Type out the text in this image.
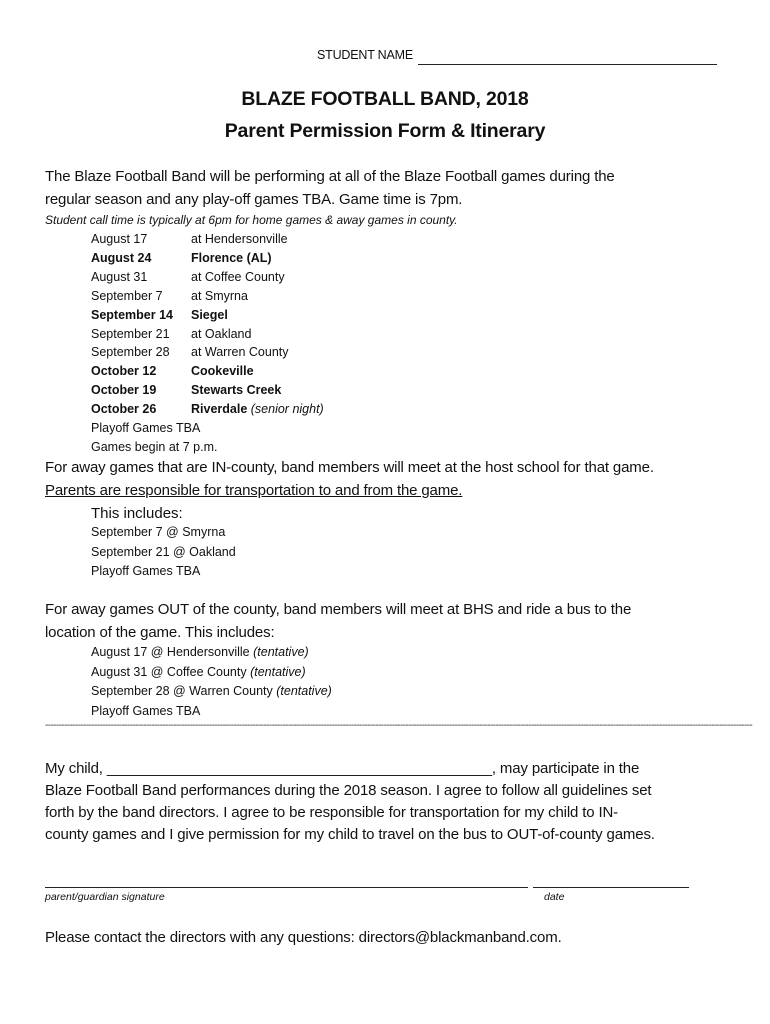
STUDENT NAME
BLAZE FOOTBALL BAND, 2018
Parent Permission Form & Itinerary
The Blaze Football Band will be performing at all of the Blaze Football games during the
regular season and any play-off games TBA. Game time is 7pm.
Student call time is typically at 6pm for home games & away games in county.
August 17	at Hendersonville
August 24	Florence (AL)
August 31	at Coffee County
September 7 at Smyrna
September 14 Siegel
September 21 at Oakland
September 28 at Warren County
October 12	Cookeville
October 19	Stewarts Creek
October 26	Riverdale (senior night)
Playoff Games TBA
Games begin at 7 p.m.
For away games that are IN-county, band members will meet at the host school for that game.
Parents are responsible for transportation to and from the game.
This includes:
September 7 @ Smyrna
September 21 @ Oakland
Playoff Games TBA
For away games OUT of the county, band members will meet at BHS and ride a bus to the
location of the game. This includes:
August 17 @ Hendersonville (tentative)
August 31 @ Coffee County (tentative)
September 28 @ Warren County (tentative)
Playoff Games TBA
-------------------------------------------------------------------------------------------------------------------------------------------------------------------------------------------------------------------------------------------------------------------
My child, _______________________________________________, may participate in the
Blaze Football Band performances during the 2018 season. I agree to follow all guidelines set
forth by the band directors. I agree to be responsible for transportation for my child to IN-
county games and I give permission for my child to travel on the bus to OUT-of-county games.
parent/guardian signature	date
Please contact the directors with any questions: directors@blackmanband.com.
